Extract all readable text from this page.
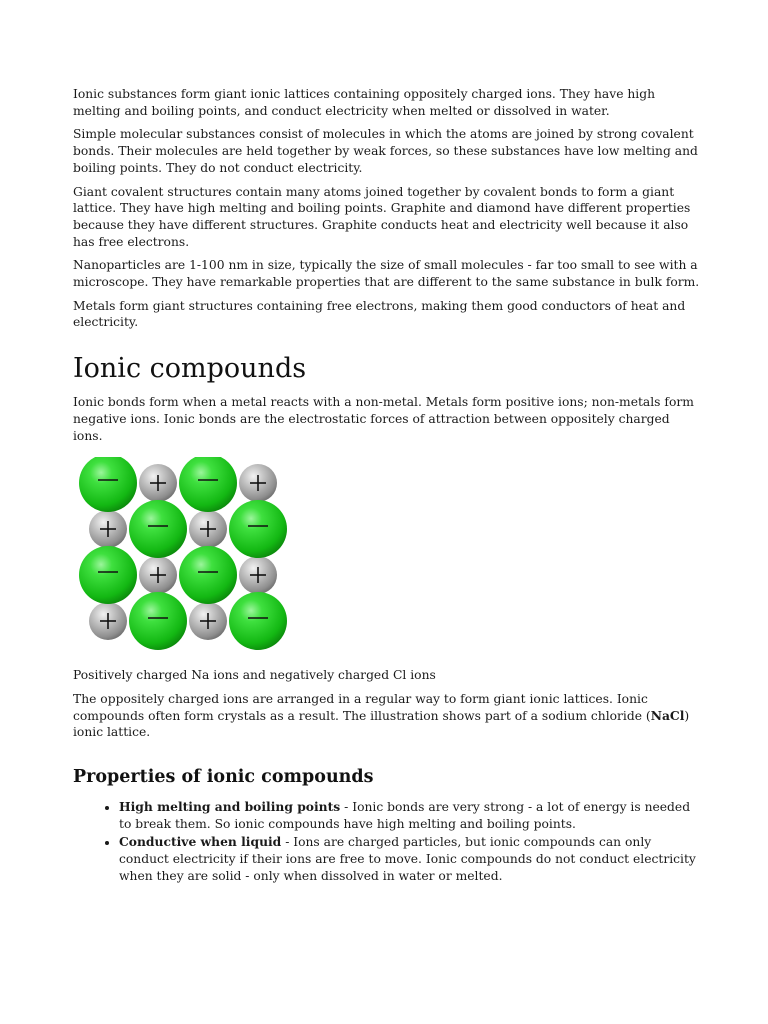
Ionic substances form giant ionic lattices containing oppositely charged ions. They have high melting and boiling points, and conduct electricity when melted or dissolved in water.

Simple molecular substances consist of molecules in which the atoms are joined by strong covalent bonds. Their molecules are held together by weak forces, so these substances have low melting and boiling points. They do not conduct electricity.

Giant covalent structures contain many atoms joined together by covalent bonds to form a giant lattice. They have high melting and boiling points. Graphite and diamond have different properties because they have different structures. Graphite conducts heat and electricity well because it also has free electrons.

Nanoparticles are 1-100 nm in size, typically the size of small molecules - far too small to see with a microscope. They have remarkable properties that are different to the same substance in bulk form.

Metals form giant structures containing free electrons, making them good conductors of heat and electricity.

Ionic compounds

Ionic bonds form when a metal reacts with a non-metal. Metals form positive ions; non-metals form negative ions. Ionic bonds are the electrostatic forces of attraction between oppositely charged ions.

Positively charged Na ions and negatively charged Cl ions

The oppositely charged ions are arranged in a regular way to form giant ionic lattices. Ionic compounds often form crystals as a result. The illustration shows part of a sodium chloride (NaCl) ionic lattice.

Properties of ionic compounds
• High melting and boiling points - Ionic bonds are very strong - a lot of energy is needed to break them. So ionic compounds have high melting and boiling points.
• Conductive when liquid - Ions are charged particles, but ionic compounds can only conduct electricity if their ions are free to move. Ionic compounds do not conduct electricity when they are solid - only when dissolved in water or melted.
